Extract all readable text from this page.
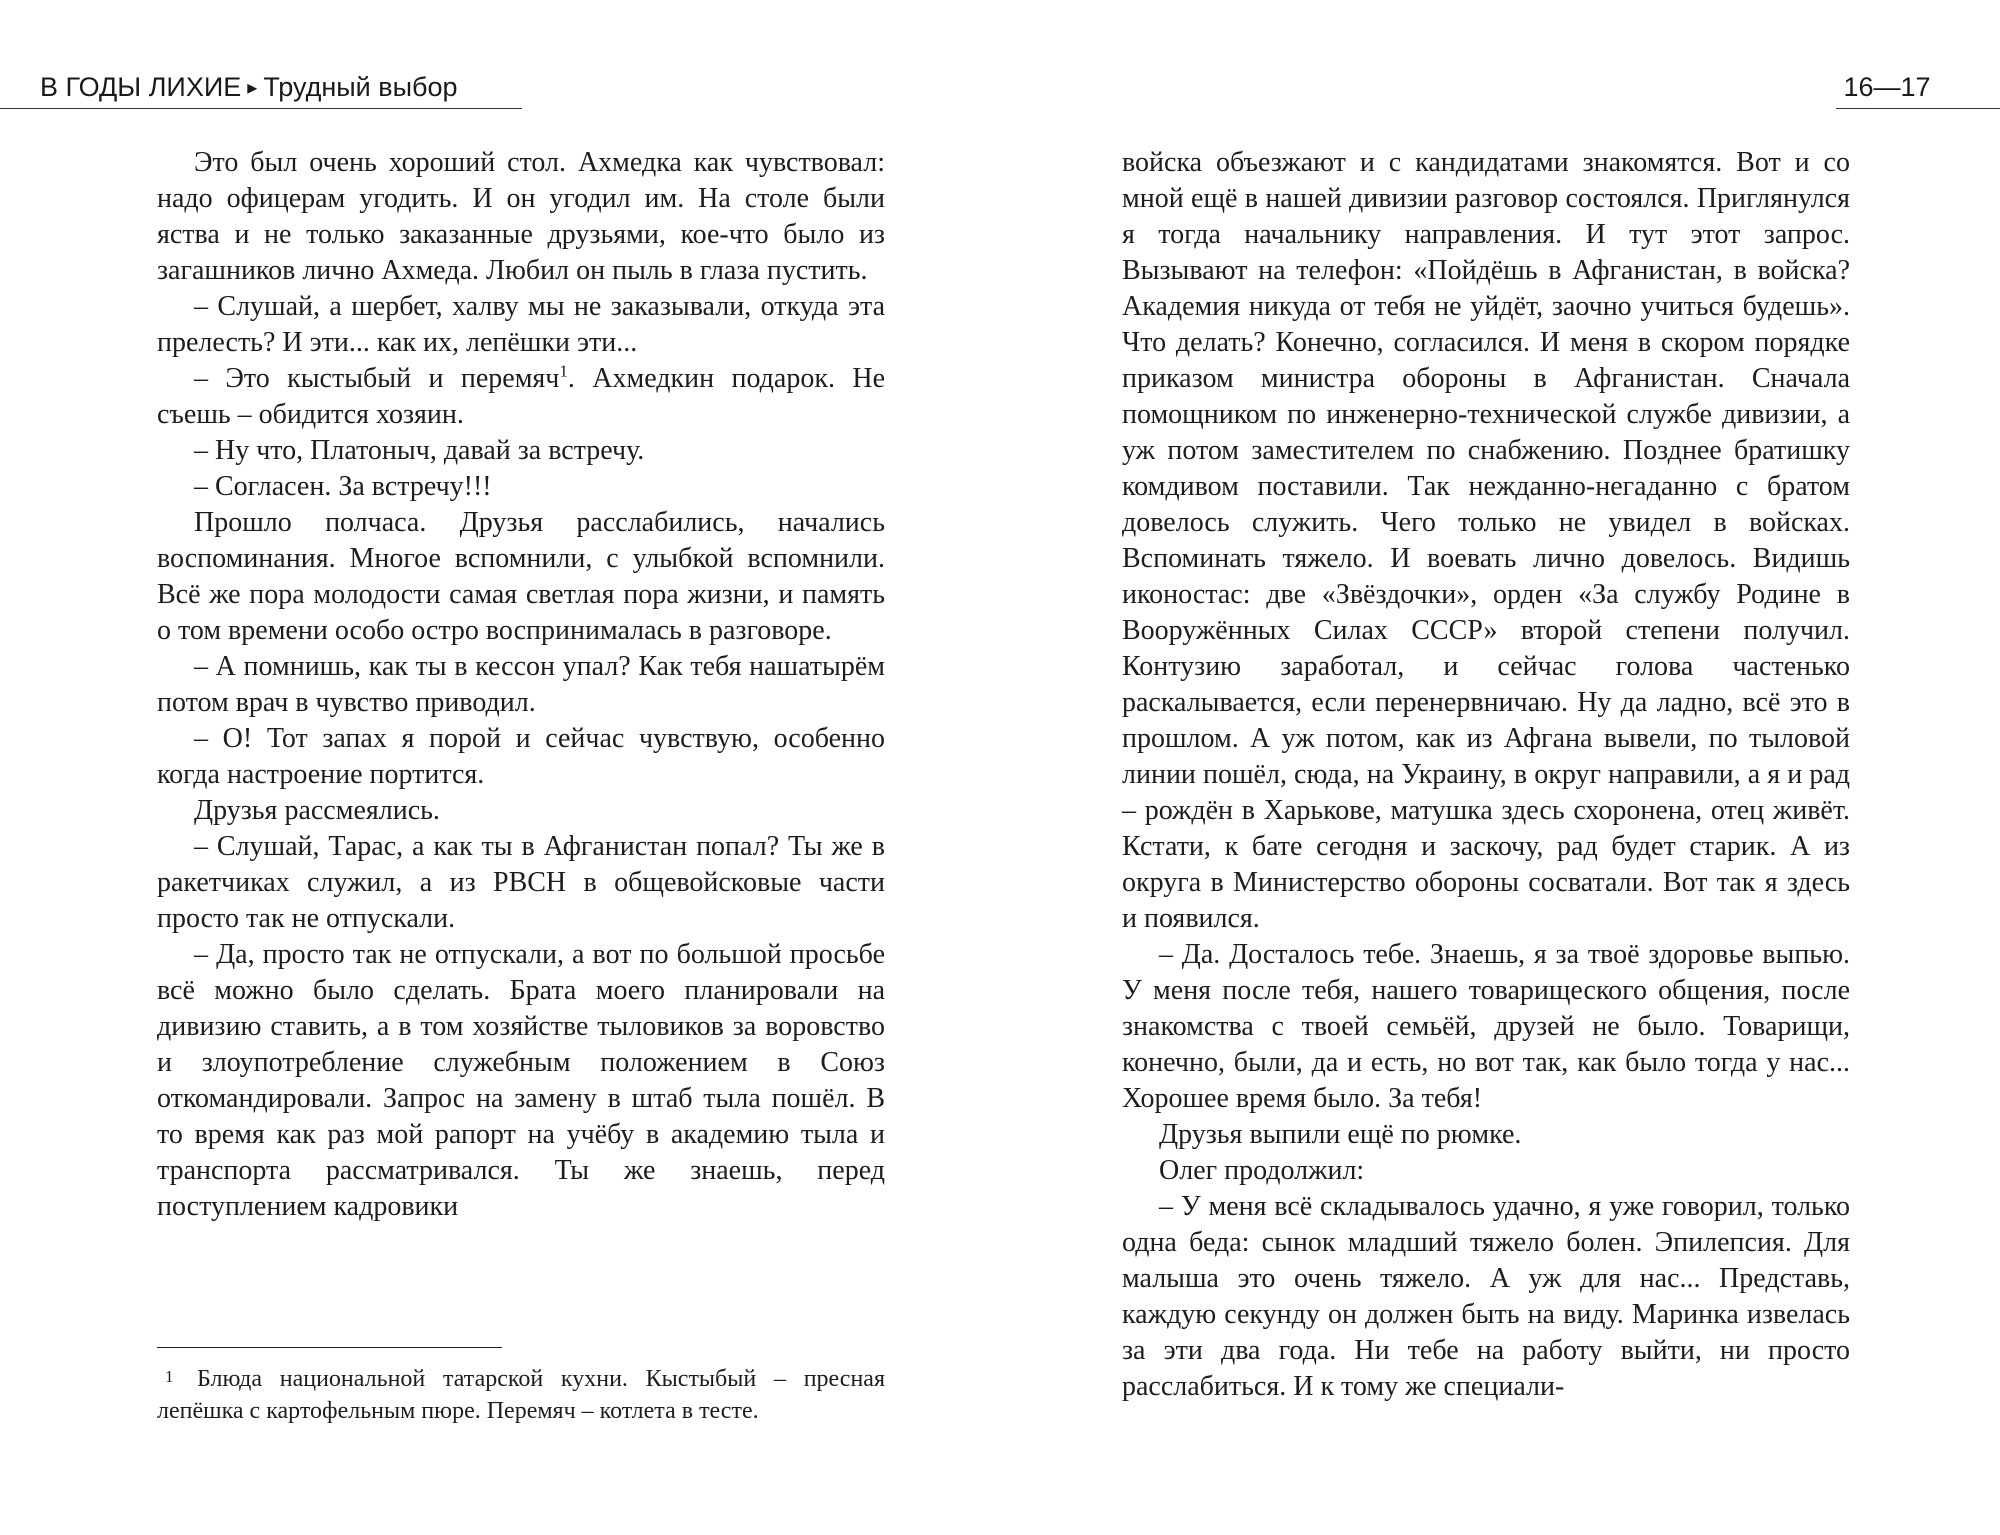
В ГОДЫ ЛИХИЕ ▸ Трудный выбор	16—17

Это был очень хороший стол. Ахмедка как чувствовал: надо офицерам угодить. И он угодил им. На столе были яства и не только заказанные друзьями, кое-что было из загашников лично Ахмеда. Любил он пыль в глаза пустить.

– Слушай, а шербет, халву мы не заказывали, откуда эта прелесть? И эти... как их, лепёшки эти...

– Это кыстыбый и перемяч$^1$. Ахмедкин подарок. Не съешь – обидится хозяин.

– Ну что, Платоныч, давай за встречу.

– Согласен. За встречу!!!

Прошло полчаса. Друзья расслабились, начались воспоминания. Многое вспомнили, с улыбкой вспомнили. Всё же пора молодости самая светлая пора жизни, и память о том времени особо остро воспринималась в разговоре.

– А помнишь, как ты в кессон упал? Как тебя нашатырём потом врач в чувство приводил.

– О! Тот запах я порой и сейчас чувствую, особенно когда настроение портится.

Друзья рассмеялись.

– Слушай, Тарас, а как ты в Афганистан попал? Ты же в ракетчиках служил, а из РВСН в общевойсковые части просто так не отпускали.

– Да, просто так не отпускали, а вот по большой просьбе всё можно было сделать. Брата моего планировали на дивизию ставить, а в том хозяйстве тыловиков за воровство и злоупотребление служебным положением в Союз откомандировали. Запрос на замену в штаб тыла пошёл. В то время как раз мой рапорт на учёбу в академию тыла и транспорта рассматривался. Ты же знаешь, перед поступлением кадровики

1 Блюда национальной татарской кухни. Кыстыбый – пресная лепёшка с картофельным пюре. Перемяч – котлета в тесте.

войска объезжают и с кандидатами знакомятся. Вот и со мной ещё в нашей дивизии разговор состоялся. Приглянулся я тогда начальнику направления. И тут этот запрос. Вызывают на телефон: «Пойдёшь в Афганистан, в войска? Академия никуда от тебя не уйдёт, заочно учиться будешь». Что делать? Конечно, согласился. И меня в скором порядке приказом министра обороны в Афганистан. Сначала помощником по инженерно-технической службе дивизии, а уж потом заместителем по снабжению. Позднее братишку комдивом поставили. Так нежданно-негаданно с братом довелось служить. Чего только не увидел в войсках. Вспоминать тяжело. И воевать лично довелось. Видишь иконостас: две «Звёздочки», орден «За службу Родине в Вооружённых Силах СССР» второй степени получил. Контузию заработал, и сейчас голова частенько раскалывается, если перенервничаю. Ну да ладно, всё это в прошлом. А уж потом, как из Афгана вывели, по тыловой линии пошёл, сюда, на Украину, в округ направили, а я и рад – рождён в Харькове, матушка здесь схоронена, отец живёт. Кстати, к бате сегодня и заскочу, рад будет старик. А из округа в Министерство обороны сосватали. Вот так я здесь и появился.

– Да. Досталось тебе. Знаешь, я за твоё здоровье выпью. У меня после тебя, нашего товарищеского общения, после знакомства с твоей семьёй, друзей не было. Товарищи, конечно, были, да и есть, но вот так, как было тогда у нас... Хорошее время было. За тебя!

Друзья выпили ещё по рюмке.

Олег продолжил:

– У меня всё складывалось удачно, я уже говорил, только одна беда: сынок младший тяжело болен. Эпилепсия. Для малыша это очень тяжело. А уж для нас... Представь, каждую секунду он должен быть на виду. Маринка извелась за эти два года. Ни тебе на работу выйти, ни просто расслабиться. И к тому же специали-
